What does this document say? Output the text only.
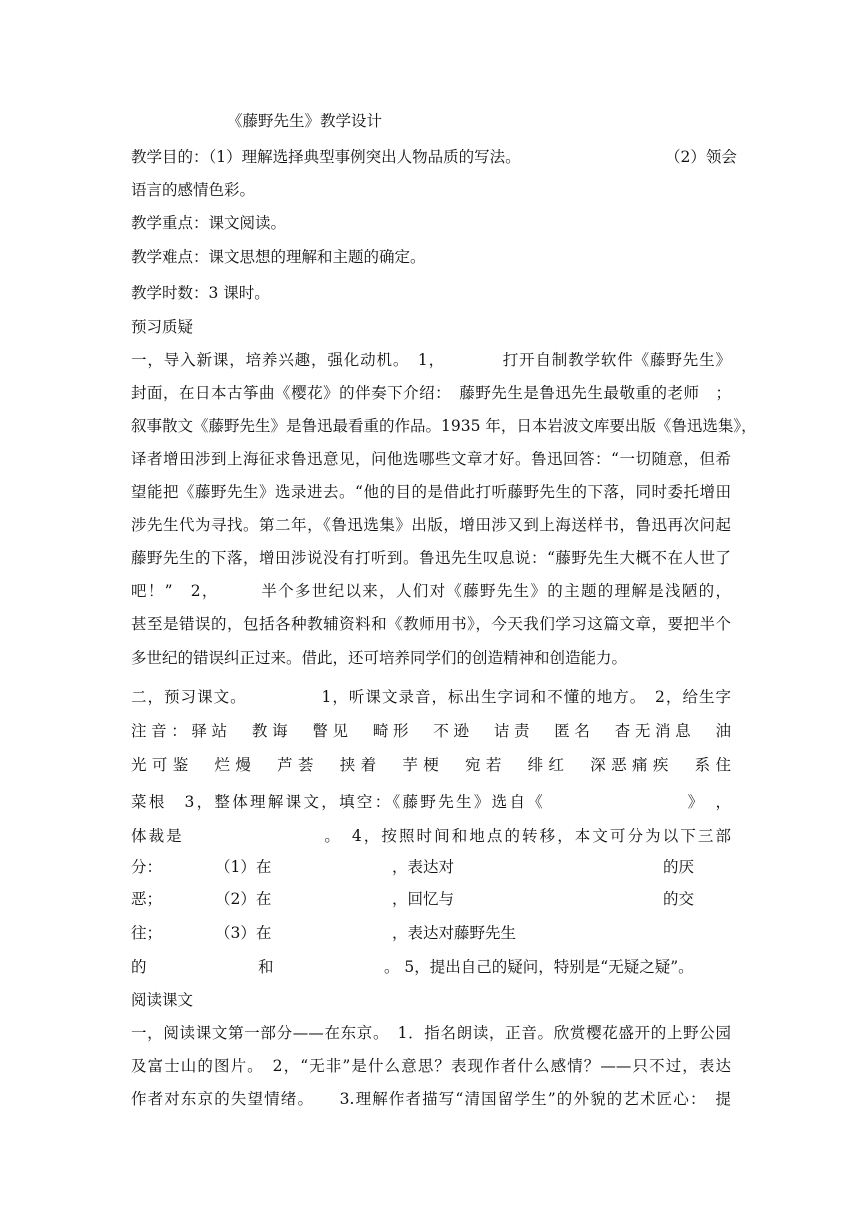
《藤野先生》教学设计
教学目的：（1）理解选择典型事例突出人物品质的写法。	（2）领会
语言的感情色彩。
教学重点：课文阅读。
教学难点：课文思想的理解和主题的确定。
教学时数：3 课时。
预习质疑
一，导入新课，培养兴趣，强化动机。　1，　　　　打开自制教学软件《藤野先生》
封面，在日本古筝曲《樱花》的伴奏下介绍：　藤野先生是鲁迅先生最敬重的老师　；
叙事散文《藤野先生》是鲁迅最看重的作品。1935 年，日本岩波文库要出版《鲁迅选集》，
译者增田涉到上海征求鲁迅意见，问他选哪些文章才好。鲁迅回答：“一切随意，但希
望能把《藤野先生》选录进去。“他的目的是借此打听藤野先生的下落，同时委托增田
涉先生代为寻找。第二年，《鲁迅选集》出版，增田涉又到上海送样书，鲁迅再次问起
藤野先生的下落，增田涉说没有打听到。鲁迅先生叹息说：“藤野先生大概不在人世了
吧！”　2，　　　半个多世纪以来，人们对《藤野先生》的主题的理解是浅陋的，
甚至是错误的，包括各种教辅资料和《教师用书》，今天我们学习这篇文章，要把半个
多世纪的错误纠正过来。借此，还可培养同学们的创造精神和创造能力。
二，预习课文。　　　　　1，听课文录音，标出生字词和不懂的地方。　2，给生字
注音：驿站　教诲　瞥见　畸形　不逊　诘责　匿名　杳无消息　油
光可鉴　烂熳　芦荟　挟着　芋梗　宛若　绯红　深恶痛疾　系住
菜根　3，整体理解课文，填空：《藤野先生》选自《　　　　　　　　》　，
体裁是　　　　　　　　。　4，按照时间和地点的转移，本文可分为以下三部
分：	（1）在	，表达对	的厌
恶；	（2）在	，回忆与	的交
往；	（3）在	，表达对藤野先生
的	和	。 5，提出自己的疑问，特别是“无疑之疑”。
阅读课文
一，阅读课文第一部分——在东京。　1．指名朗读，正音。欣赏樱花盛开的上野公园
及富士山的图片。　2，“无非”是什么意思？表现作者什么感情？——只不过，表达
作者对东京的失望情绪。　　3.理解作者描写“清国留学生”的外貌的艺术匠心：　提
